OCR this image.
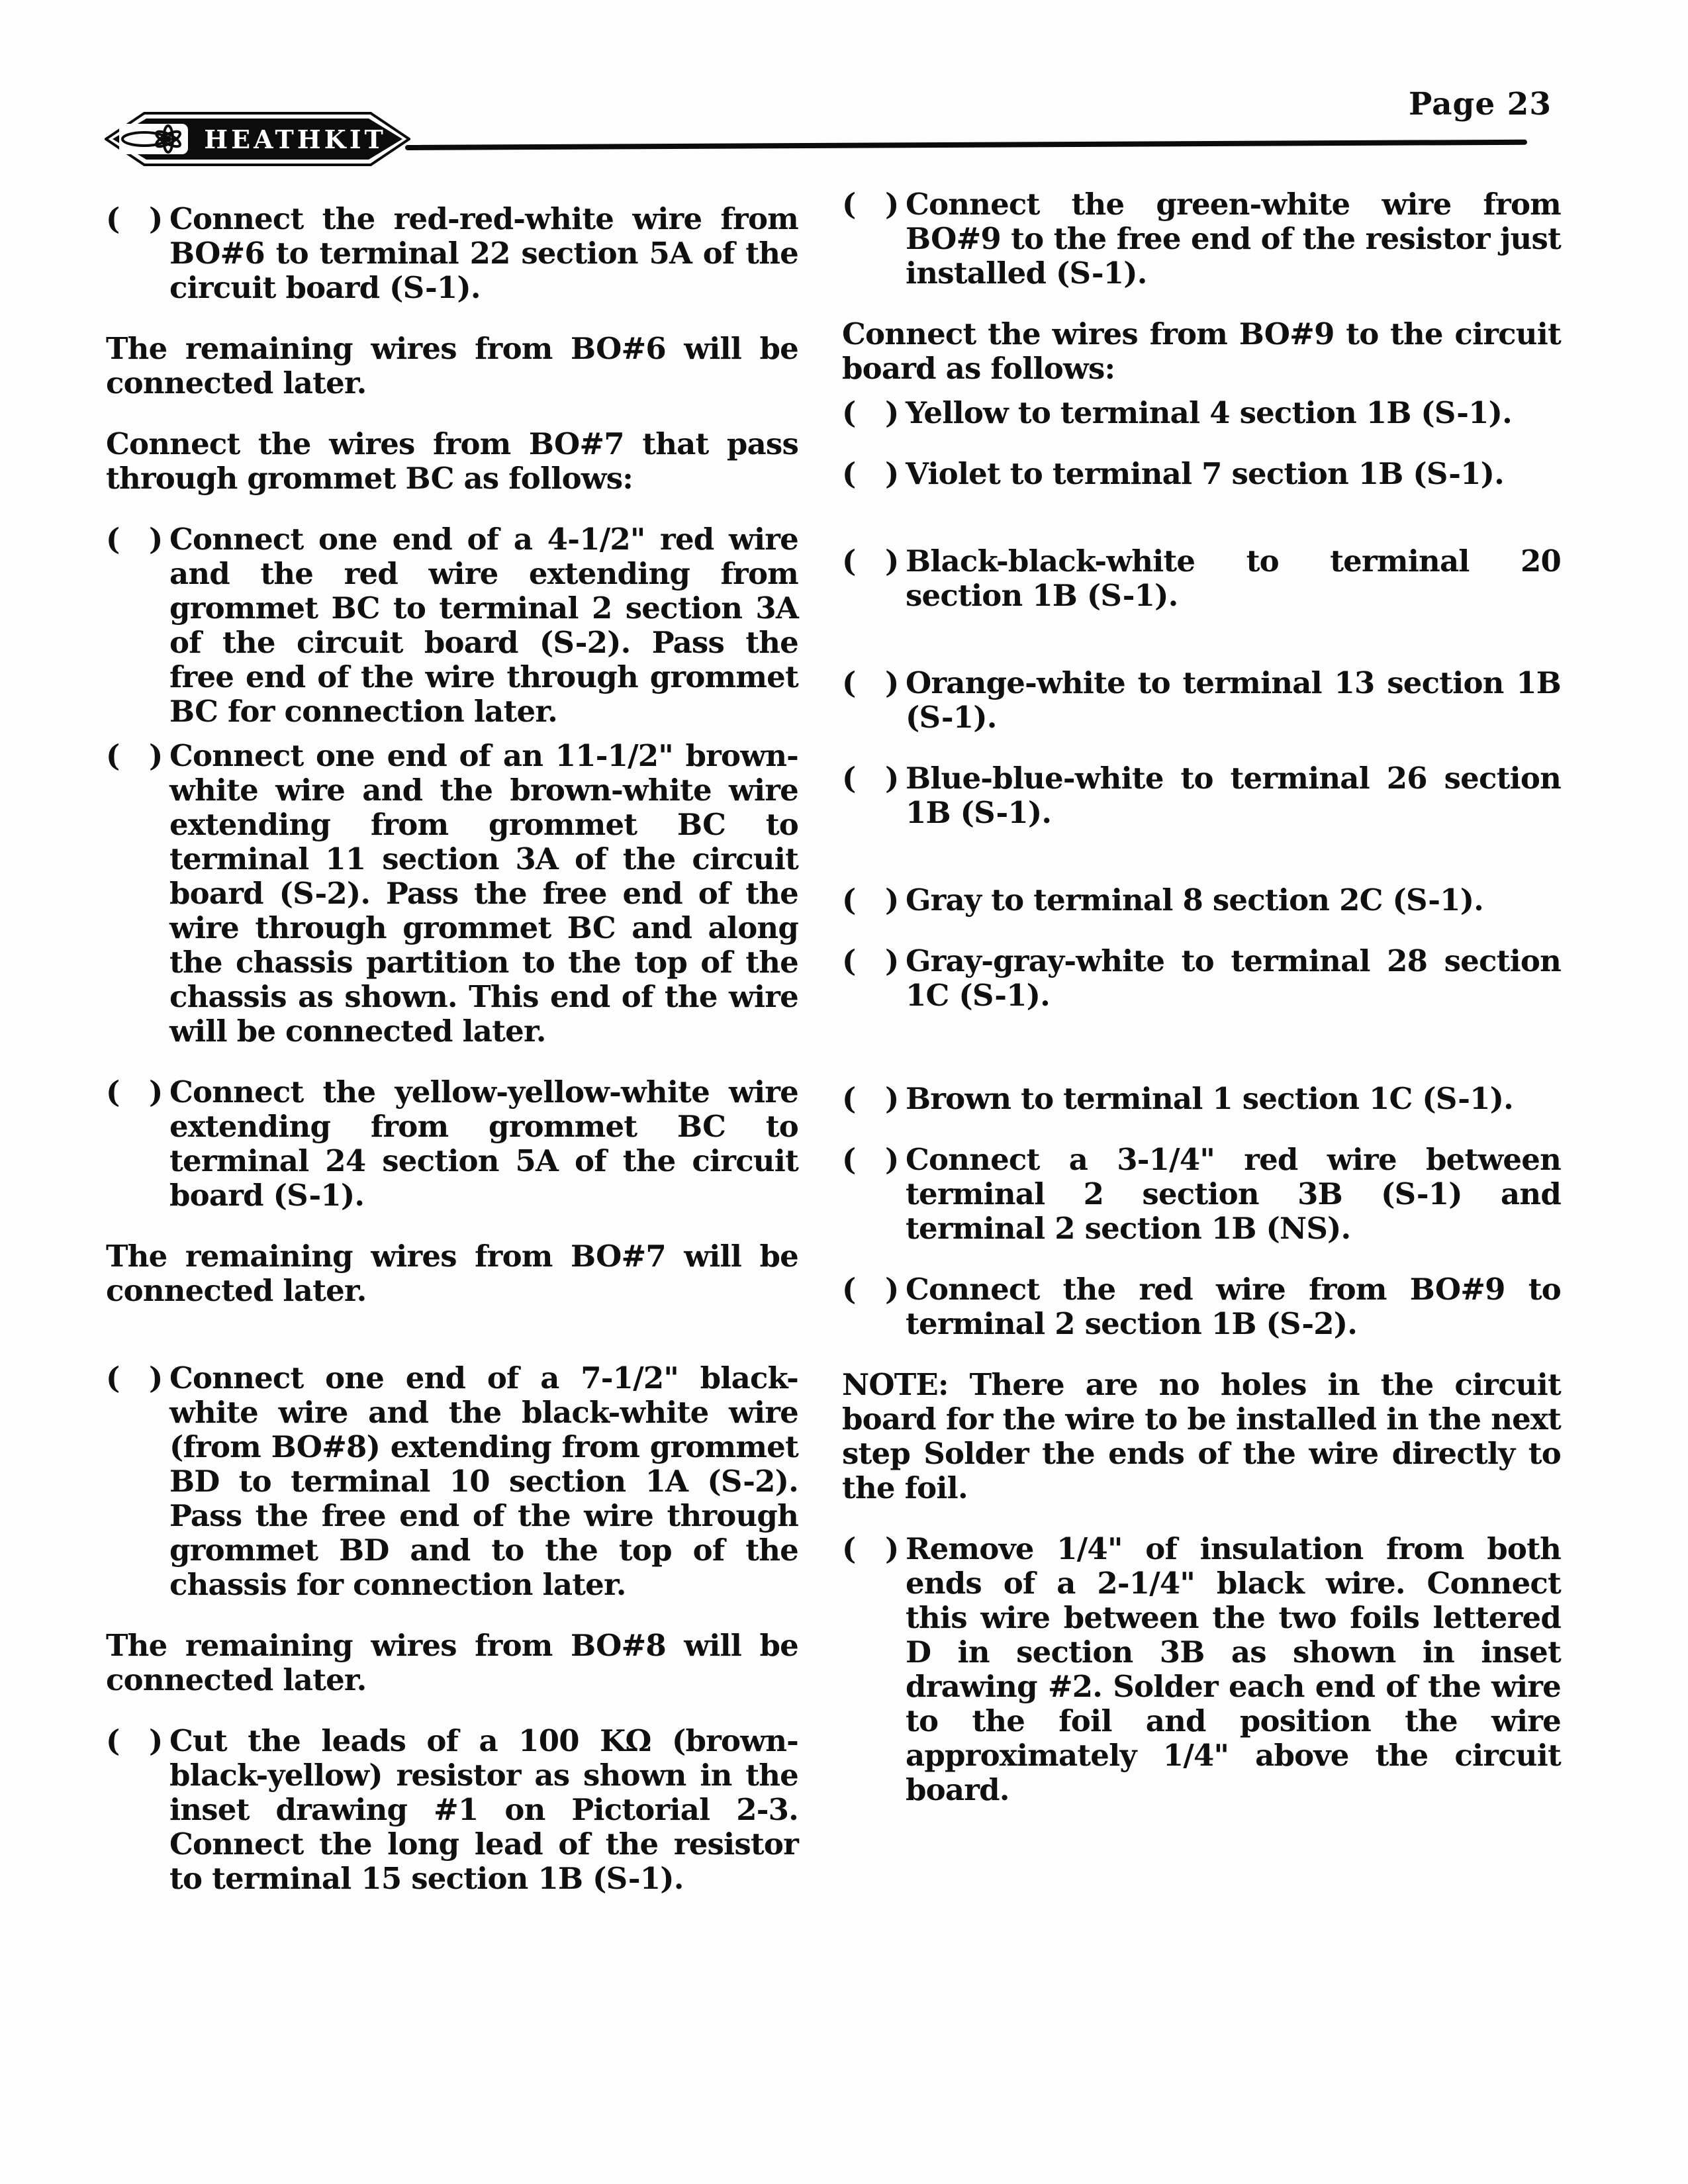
HEATHKIT
Page 23
( )
Connect the red-red-white wire from BO#6 to terminal 22 section 5A of the circuit board (S-1).
The remaining wires from BO#6 will be connected later.
Connect the wires from BO#7 that pass through grommet BC as follows:
( )
Connect one end of a 4-1/2" red wire and the red wire extending from grommet BC to terminal 2 section 3A of the circuit board (S-2). Pass the free end of the wire through grommet BC for connection later.
( )
Connect one end of an 11-1/2" brown-white wire and the brown-white wire extending from grommet BC to terminal 11 section 3A of the circuit board (S-2). Pass the free end of the wire through grommet BC and along the chassis partition to the top of the chassis as shown. This end of the wire will be connected later.
( )
Connect the yellow-yellow-white wire extending from grommet BC to terminal 24 section 5A of the circuit board (S-1).
The remaining wires from BO#7 will be connected later.
( )
Connect one end of a 7-1/2" black-white wire and the black-white wire (from BO#8) extending from grommet BD to terminal 10 section 1A (S-2). Pass the free end of the wire through grommet BD and to the top of the chassis for connection later.
The remaining wires from BO#8 will be connected later.
( )
Cut the leads of a 100 KΩ (brown-black-yellow) resistor as shown in the inset drawing #1 on Pictorial 2-3. Connect the long lead of the resistor to terminal 15 section 1B (S-1).
( )
Connect the green-white wire from BO#9 to the free end of the resistor just installed (S-1).
Connect the wires from BO#9 to the circuit board as follows:
( )
Yellow to terminal 4 section 1B (S-1).
( )
Violet to terminal 7 section 1B (S-1).
( )
Black-black-white to terminal 20 section 1B (S-1).
( )
Orange-white to terminal 13 section 1B (S-1).
( )
Blue-blue-white to terminal 26 section 1B (S-1).
( )
Gray to terminal 8 section 2C (S-1).
( )
Gray-gray-white to terminal 28 section 1C (S-1).
( )
Brown to terminal 1 section 1C (S-1).
( )
Connect a 3-1/4" red wire between terminal 2 section 3B (S-1) and terminal 2 section 1B (NS).
( )
Connect the red wire from BO#9 to terminal 2 section 1B (S-2).
NOTE: There are no holes in the circuit board for the wire to be installed in the next step Solder the ends of the wire directly to the foil.
( )
Remove 1/4" of insulation from both ends of a 2-1/4" black wire. Connect this wire between the two foils lettered D in section 3B as shown in inset drawing #2. Solder each end of the wire to the foil and position the wire approximately 1/4" above the circuit board.
